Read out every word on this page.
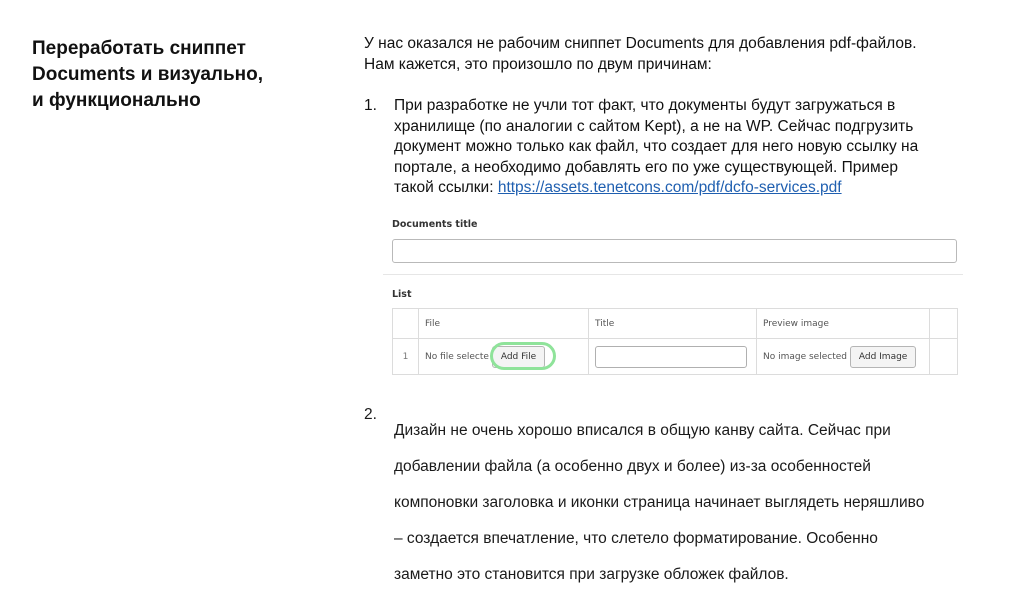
Переработать сниппет
Documents и визуально,
и функционально

У нас оказался не рабочим сниппет Documents для добавления pdf-файлов.

Нам кажется, это произошло по двум причинам:

1. При разработке не учли тот факт, что документы будут загружаться в

хранилище (по аналогии с сайтом Kept), а не на WP. Сейчас подгрузить

документ можно только как файл, что создает для него новую ссылку на

портале, а необходимо добавлять его по уже существующей. Пример

такой ссылки: https://assets.tenetcons.com/pdf/dcfo-services.pdf

Documents title
List
	File	Title	Preview image	
1	No file selecte Add File		No image selected Add Image	
2.

Дизайн не очень хорошо вписался в общую канву сайта. Сейчас при

добавлении файла (а особенно двух и более) из-за особенностей

компоновки заголовка и иконки страница начинает выглядеть неряшливо

– создается впечатление, что слетело форматирование. Особенно

заметно это становится при загрузке обложек файлов.
